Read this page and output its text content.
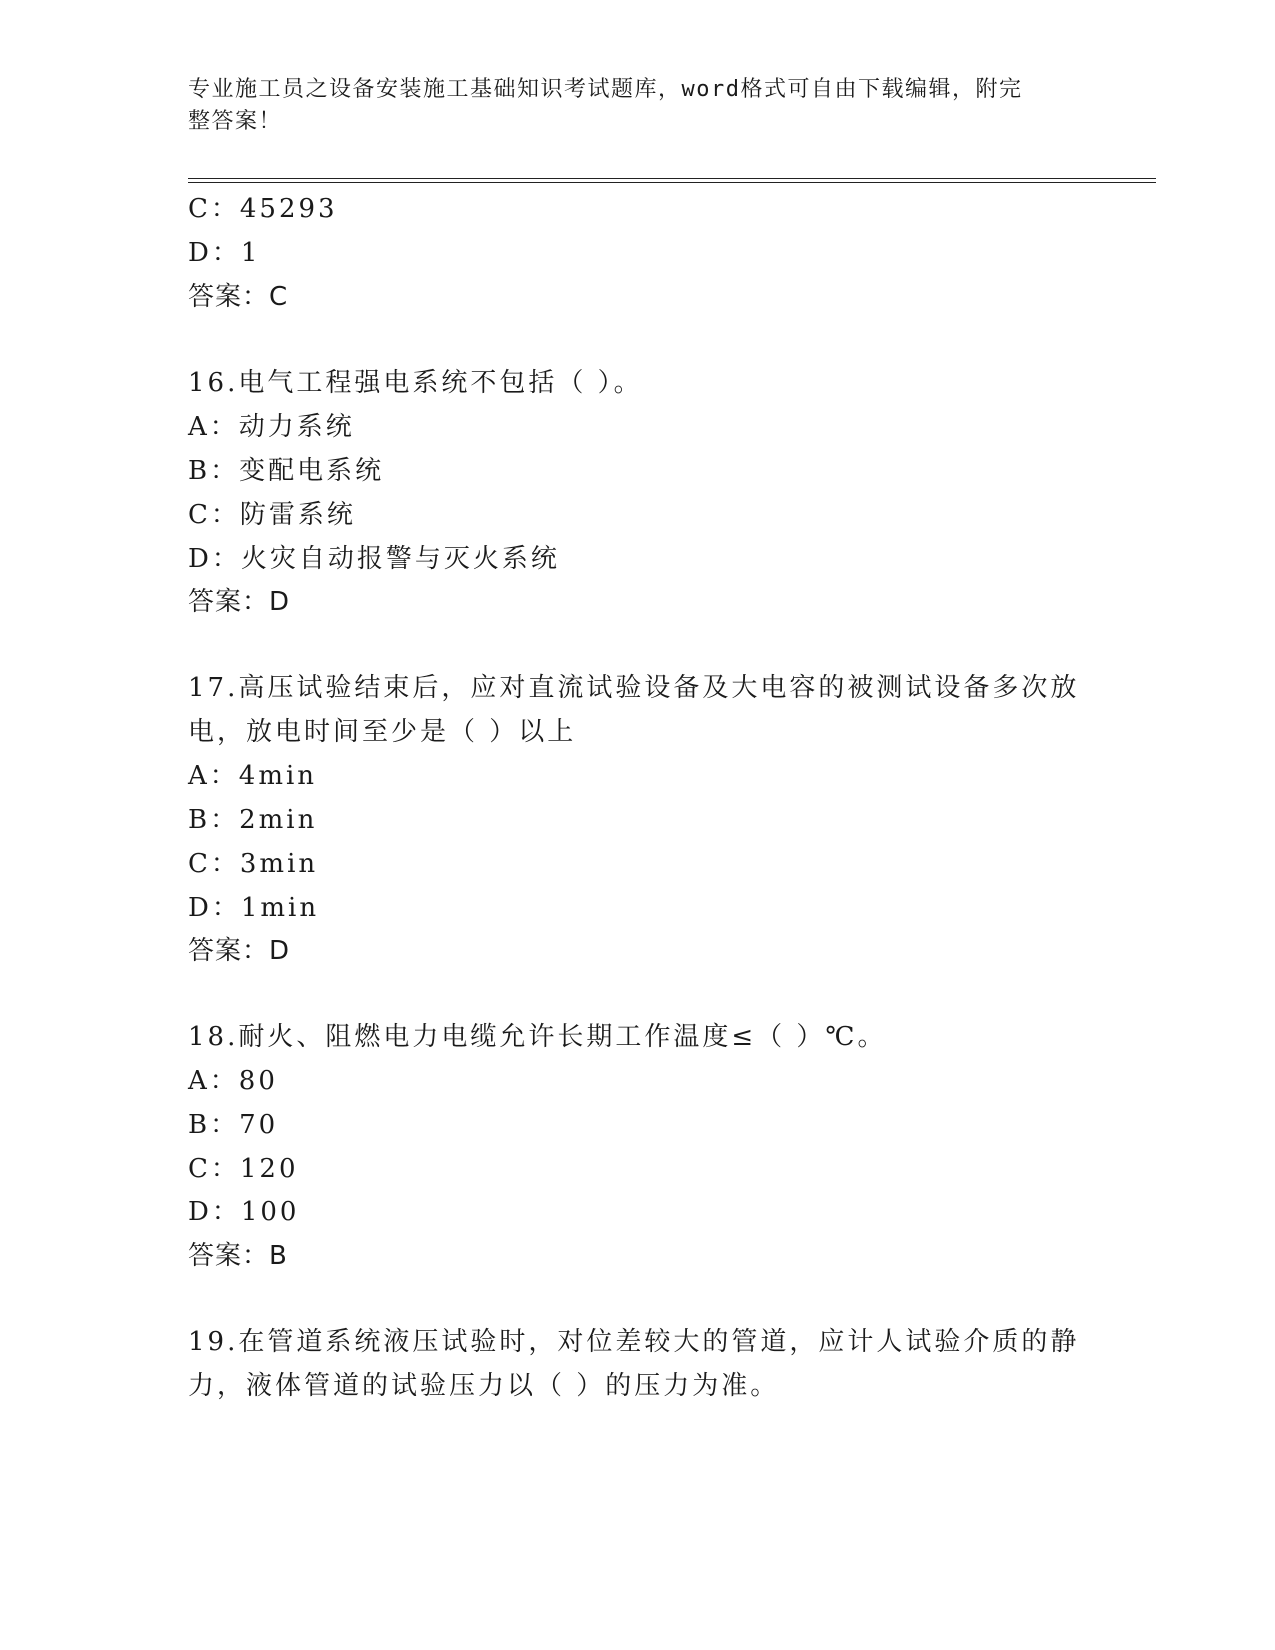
专业施工员之设备安装施工基础知识考试题库，word格式可自由下载编辑，附完
整答案！
C：45293
D：1
答案：C
16.电气工程强电系统不包括（ ）。
A：动力系统
B：变配电系统
C：防雷系统
D：火灾自动报警与灭火系统
答案：D
17.高压试验结束后，应对直流试验设备及大电容的被测试设备多次放
电，放电时间至少是（ ）以上
A：4min
B：2min
C：3min
D：1min
答案：D
18.耐火、阻燃电力电缆允许长期工作温度≤（ ）℃。
A：80
B：70
C：120
D：100
答案：B
19.在管道系统液压试验时，对位差较大的管道，应计人试验介质的静
力，液体管道的试验压力以（ ）的压力为准。
